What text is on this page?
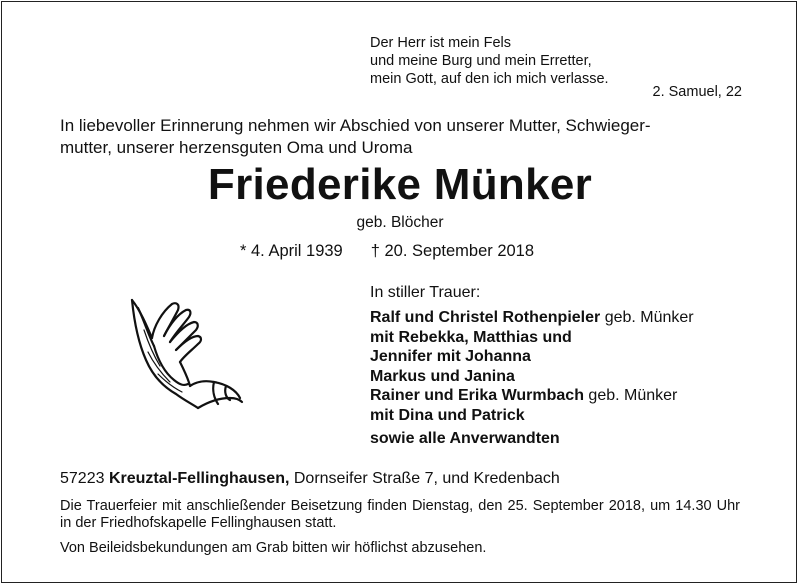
Der Herr ist mein Fels
und meine Burg und mein Erretter,
mein Gott, auf den ich mich verlasse.
2. Samuel, 22
In liebevoller Erinnerung nehmen wir Abschied von unserer Mutter, Schwieger-
mutter, unserer herzensguten Oma und Uroma
Friederike Münker
geb. Blöcher
* 4. April 1939 † 20. September 2018
In stiller Trauer:
Ralf und Christel Rothenpieler geb. Münker
mit Rebekka, Matthias und
Jennifer mit Johanna
Markus und Janina
Rainer und Erika Wurmbach geb. Münker
mit Dina und Patrick
sowie alle Anverwandten
57223 Kreuztal-Fellinghausen, Dornseifer Straße 7, und Kredenbach
Die Trauerfeier mit anschließender Beisetzung finden Dienstag, den 25. September 2018, um 14.30 Uhr in der Friedhofskapelle Fellinghausen statt.
Von Beileidsbekundungen am Grab bitten wir höflichst abzusehen.
